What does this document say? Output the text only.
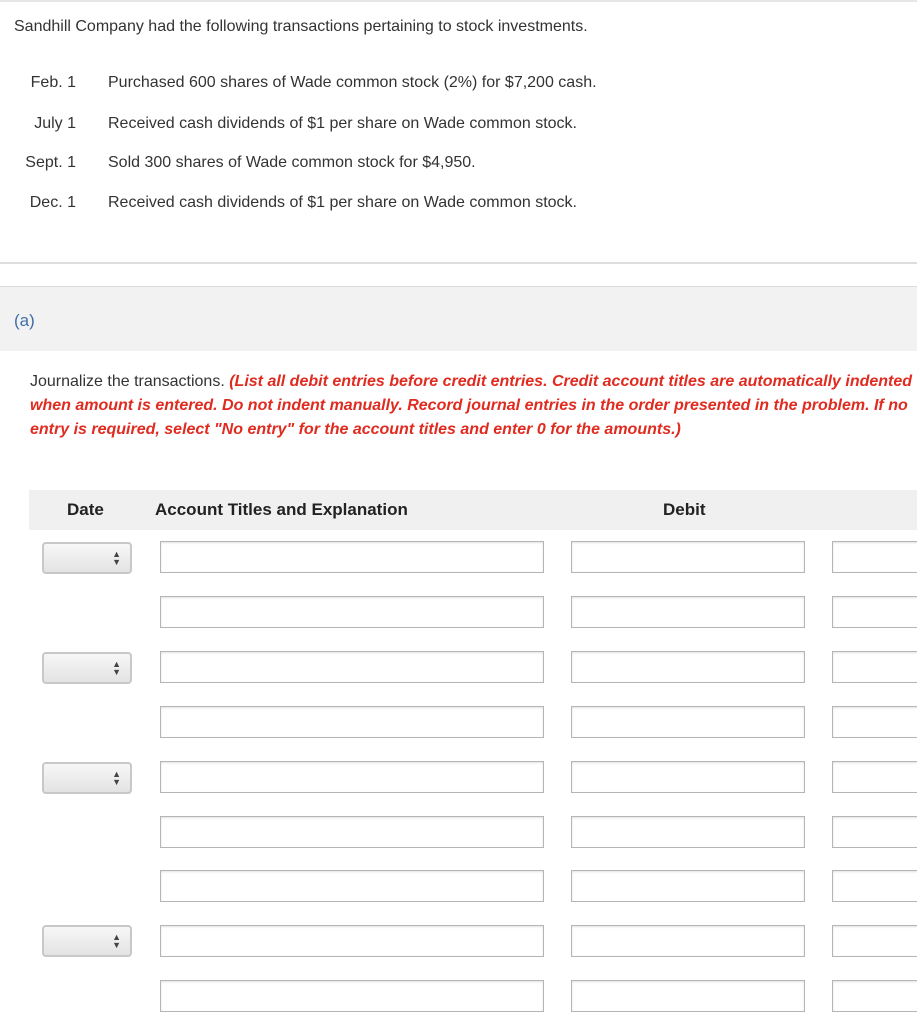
Sandhill Company had the following transactions pertaining to stock investments.
Feb. 1 Purchased 600 shares of Wade common stock (2%) for $7,200 cash.
July 1 Received cash dividends of $1 per share on Wade common stock.
Sept. 1 Sold 300 shares of Wade common stock for $4,950.
Dec. 1 Received cash dividends of $1 per share on Wade common stock.
(a)
Journalize the transactions. (List all debit entries before credit entries. Credit account titles are automatically indented when amount is entered. Do not indent manually. Record journal entries in the order presented in the problem. If no entry is required, select "No entry" for the account titles and enter 0 for the amounts.)
Date	Account Titles and Explanation	Debit
▲
▼
▲
▼
▲
▼
▲
▼
